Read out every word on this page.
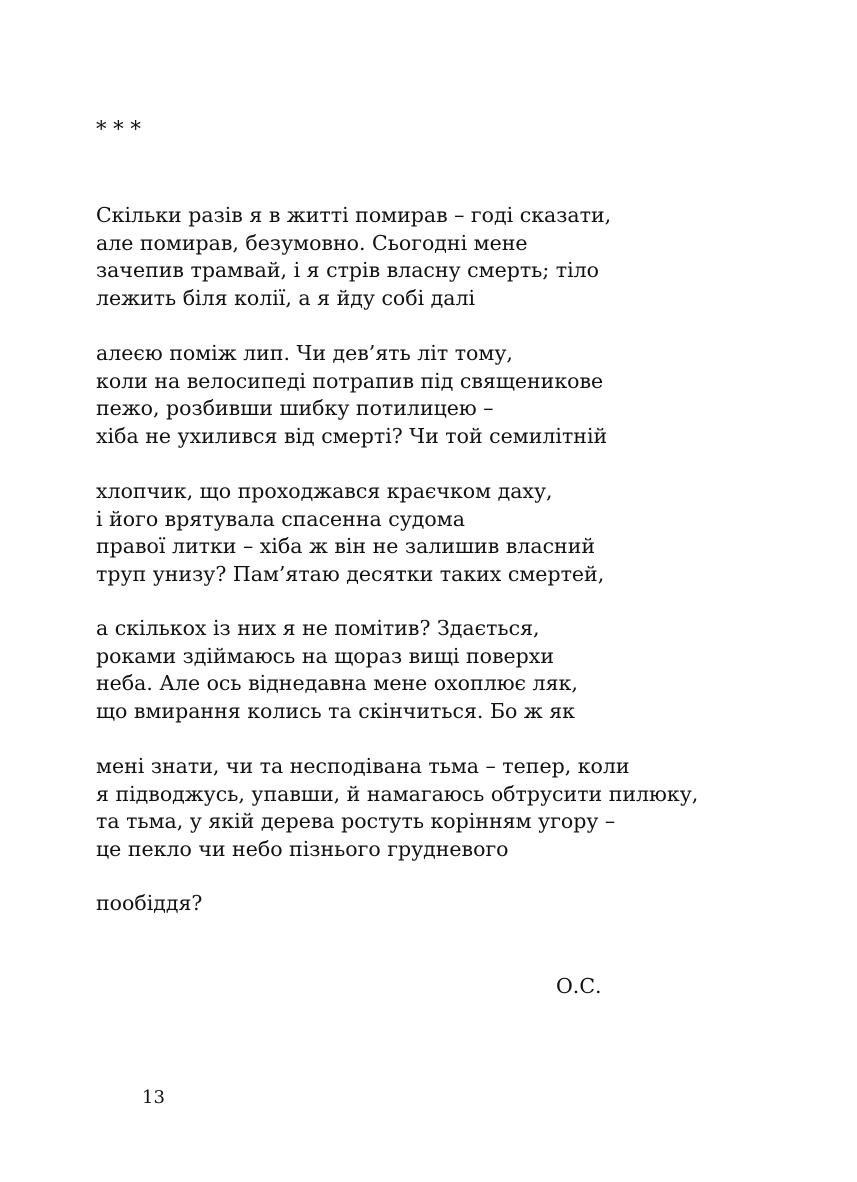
* * *
Скільки разів я в житті помирав – годі сказати,
але помирав, безумовно. Сьогодні мене
зачепив трамвай, і я стрів власну смерть; тіло
лежить біля колії, а я йду собі далі
алеєю поміж лип. Чи дев’ять літ тому,
коли на велосипеді потрапив під священикове
пежо, розбивши шибку потилицею –
хіба не ухилився від смерті? Чи той семилітній
хлопчик, що проходжався краєчком даху,
і його врятувала спасенна судома
правої литки – хіба ж він не залишив власний
труп унизу? Пам’ятаю десятки таких смертей,
а скількох із них я не помітив? Здається,
роками здіймаюсь на щораз вищі поверхи
неба. Але ось віднедавна мене охоплює ляк,
що вмирання колись та скінчиться. Бо ж як
мені знати, чи та несподівана тьма – тепер, коли
я підводжусь, упавши, й намагаюсь обтрусити пилюку,
та тьма, у якій дерева ростуть корінням угору –
це пекло чи небо пізнього грудневого
пообіддя?
О.С.
13
